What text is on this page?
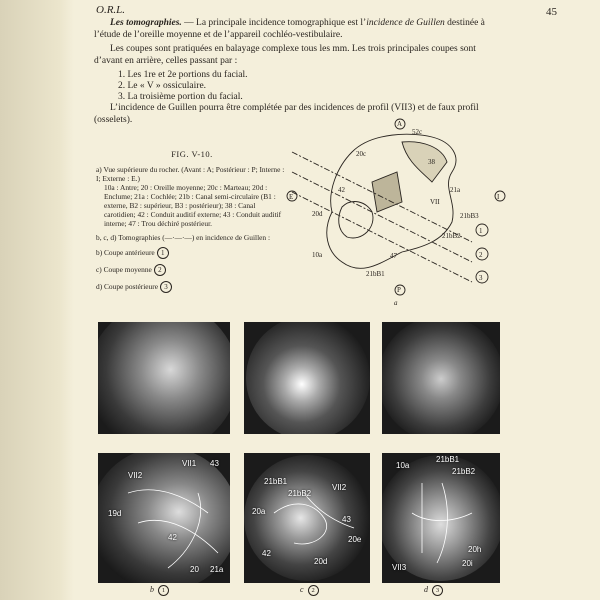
O.R.L.	45
Les tomographies. — La principale incidence tomographique est l’incidence de Guillen destinée à l’étude de l’oreille moyenne et de l’appareil cochléo-vestibulaire.
Les coupes sont pratiquées en balayage complexe tous les mm. Les trois principales coupes sont d’avant en arrière, celles passant par :
1. Les 1re et 2e portions du facial.
2. Le « V » ossiculaire.
3. La troisième portion du facial.
L’incidence de Guillen pourra être complétée par des incidences de profil (VII3) et de faux profil (osselets).
FIG. V-10.
a) Vue supérieure du rocher. (Avant : A; Postérieur : P; Interne : I; Externe : E.)
10a : Antre; 20 : Oreille moyenne; 20c : Marteau; 20d : Enclume; 21a : Cochlée; 21b : Canal semi-circulaire (B1 : externe, B2 : supérieur, B3 : postérieur); 38 : Canal carotidien; 42 : Conduit auditif externe; 43 : Conduit auditif interne; 47 : Trou déchiré postérieur.
b, c, d) Tomographies (—·—·—) en incidence de Guillen :
b) Coupe antérieure 1
c) Coupe moyenne 2
d) Coupe postérieure 3
A
52c
20c
38
E
42
20d
21a
VII
21bB3
21bB2
10a	47
21bB1
P
I
1
2
3
a
VII2
VII1 43
19d
42
20 21a
b 1
21bB1
21bB2
VII2
20a
43
20e
42
20d
c 2
10a
21bB1
21bB2
20h
20i
VII3
d 3
